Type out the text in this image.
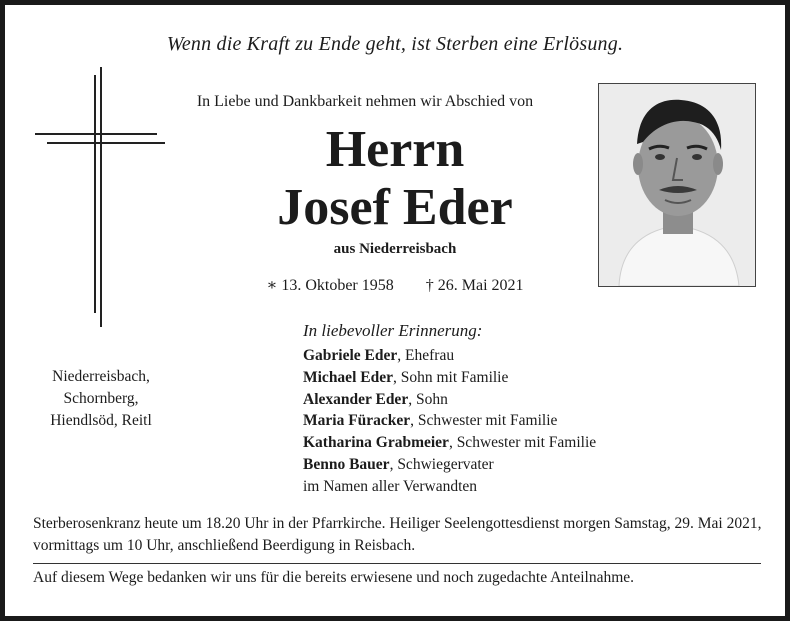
Wenn die Kraft zu Ende geht, ist Sterben eine Erlösung.
In Liebe und Dankbarkeit nehmen wir Abschied von
Herrn
Josef Eder
aus Niederreisbach
∗ 13. Oktober 1958 † 26. Mai 2021
In liebevoller Erinnerung:
Gabriele Eder, Ehefrau
Michael Eder, Sohn mit Familie
Alexander Eder, Sohn
Maria Füracker, Schwester mit Familie
Katharina Grabmeier, Schwester mit Familie
Benno Bauer, Schwiegervater
im Namen aller Verwandten
Niederreisbach,
Schornberg,
Hiendlsöd, Reitl
Sterberosenkranz heute um 18.20 Uhr in der Pfarrkirche. Heiliger Seelengottesdienst morgen Samstag, 29. Mai 2021, vormittags um 10 Uhr, anschließend Beerdigung in Reisbach.
Auf diesem Wege bedanken wir uns für die bereits erwiesene und noch zugedachte Anteilnahme.
